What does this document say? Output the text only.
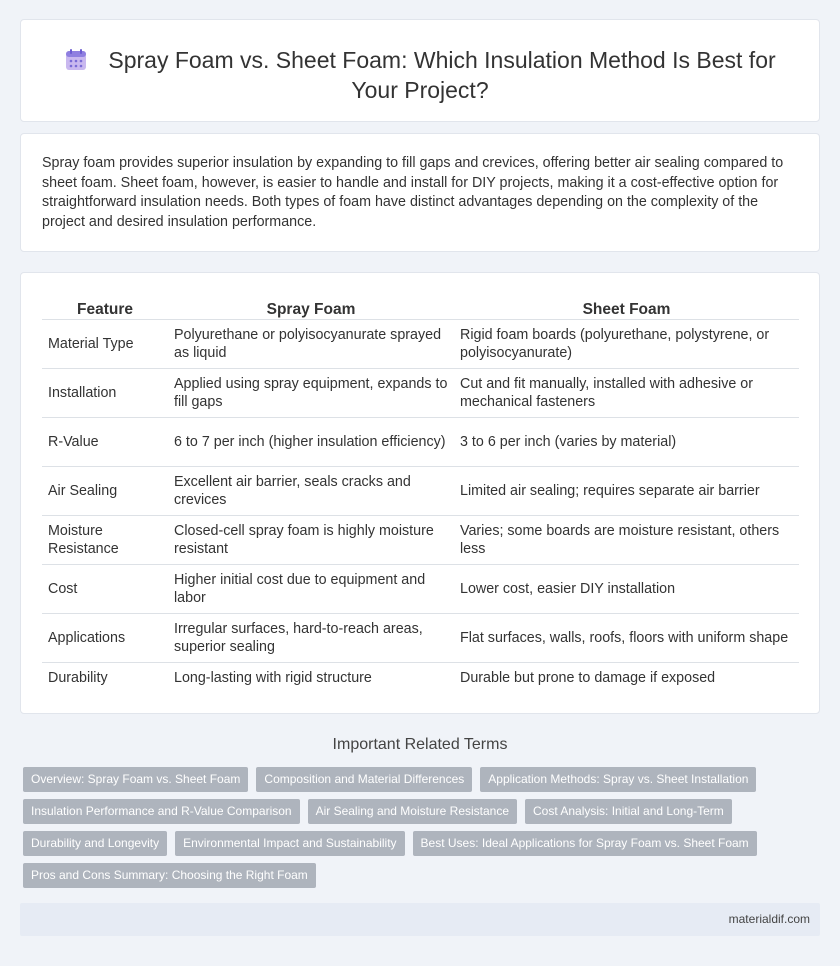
Spray Foam vs. Sheet Foam: Which Insulation Method Is Best for Your Project?

Spray foam provides superior insulation by expanding to fill gaps and crevices, offering better air sealing compared to sheet foam. Sheet foam, however, is easier to handle and install for DIY projects, making it a cost-effective option for straightforward insulation needs. Both types of foam have distinct advantages depending on the complexity of the project and desired insulation performance.

Feature	Spray Foam	Sheet Foam
Material Type	Polyurethane or polyisocyanurate sprayed as liquid	Rigid foam boards (polyurethane, polystyrene, or polyisocyanurate)
Installation	Applied using spray equipment, expands to fill gaps	Cut and fit manually, installed with adhesive or mechanical fasteners
R-Value	6 to 7 per inch (higher insulation efficiency)	3 to 6 per inch (varies by material)
Air Sealing	Excellent air barrier, seals cracks and crevices	Limited air sealing; requires separate air barrier
Moisture Resistance	Closed-cell spray foam is highly moisture resistant	Varies; some boards are moisture resistant, others less
Cost	Higher initial cost due to equipment and labor	Lower cost, easier DIY installation
Applications	Irregular surfaces, hard-to-reach areas, superior sealing	Flat surfaces, walls, roofs, floors with uniform shape
Durability	Long-lasting with rigid structure	Durable but prone to damage if exposed
Important Related Terms
Overview: Spray Foam vs. Sheet Foam	Composition and Material Differences	Application Methods: Spray vs. Sheet Installation
Insulation Performance and R-Value Comparison	Air Sealing and Moisture Resistance	Cost Analysis: Initial and Long-Term
Durability and Longevity	Environmental Impact and Sustainability	Best Uses: Ideal Applications for Spray Foam vs. Sheet Foam
Pros and Cons Summary: Choosing the Right Foam
materialdif.com
